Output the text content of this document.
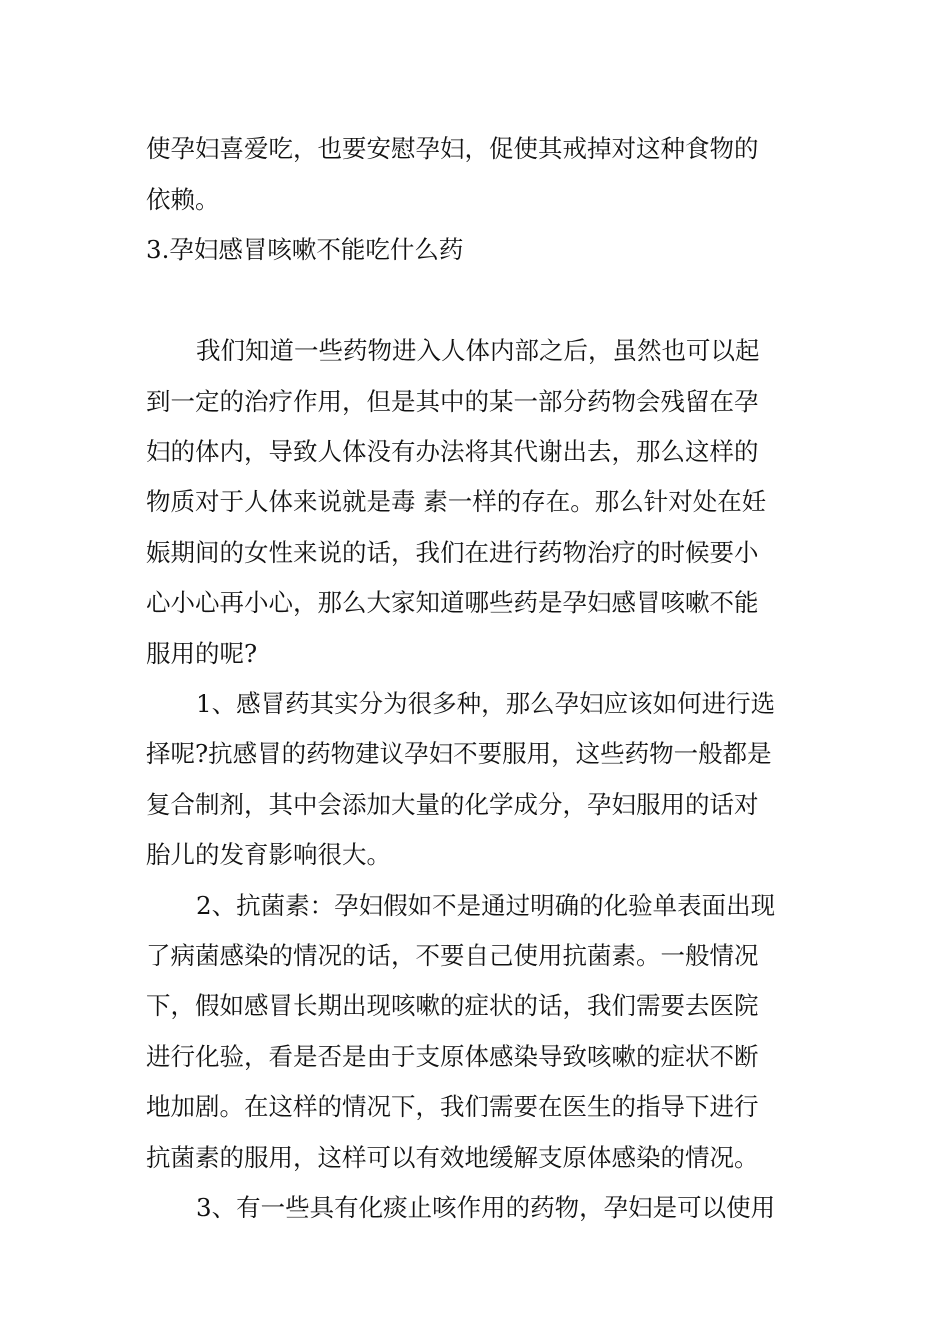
使孕妇喜爱吃，也要安慰孕妇，促使其戒掉对这种食物的
依赖。
3.孕妇感冒咳嗽不能吃什么药
我们知道一些药物进入人体内部之后，虽然也可以起
到一定的治疗作用，但是其中的某一部分药物会残留在孕
妇的体内，导致人体没有办法将其代谢出去，那么这样的
物质对于人体来说就是毒 素一样的存在。那么针对处在妊
娠期间的女性来说的话，我们在进行药物治疗的时候要小
心小心再小心，那么大家知道哪些药是孕妇感冒咳嗽不能
服用的呢?
1、感冒药其实分为很多种，那么孕妇应该如何进行选
择呢?抗感冒的药物建议孕妇不要服用，这些药物一般都是
复合制剂，其中会添加大量的化学成分，孕妇服用的话对
胎儿的发育影响很大。
2、抗菌素：孕妇假如不是通过明确的化验单表面出现
了病菌感染的情况的话，不要自己使用抗菌素。一般情况
下，假如感冒长期出现咳嗽的症状的话，我们需要去医院
进行化验，看是否是由于支原体感染导致咳嗽的症状不断
地加剧。在这样的情况下，我们需要在医生的指导下进行
抗菌素的服用，这样可以有效地缓解支原体感染的情况。
3、有一些具有化痰止咳作用的药物，孕妇是可以使用
